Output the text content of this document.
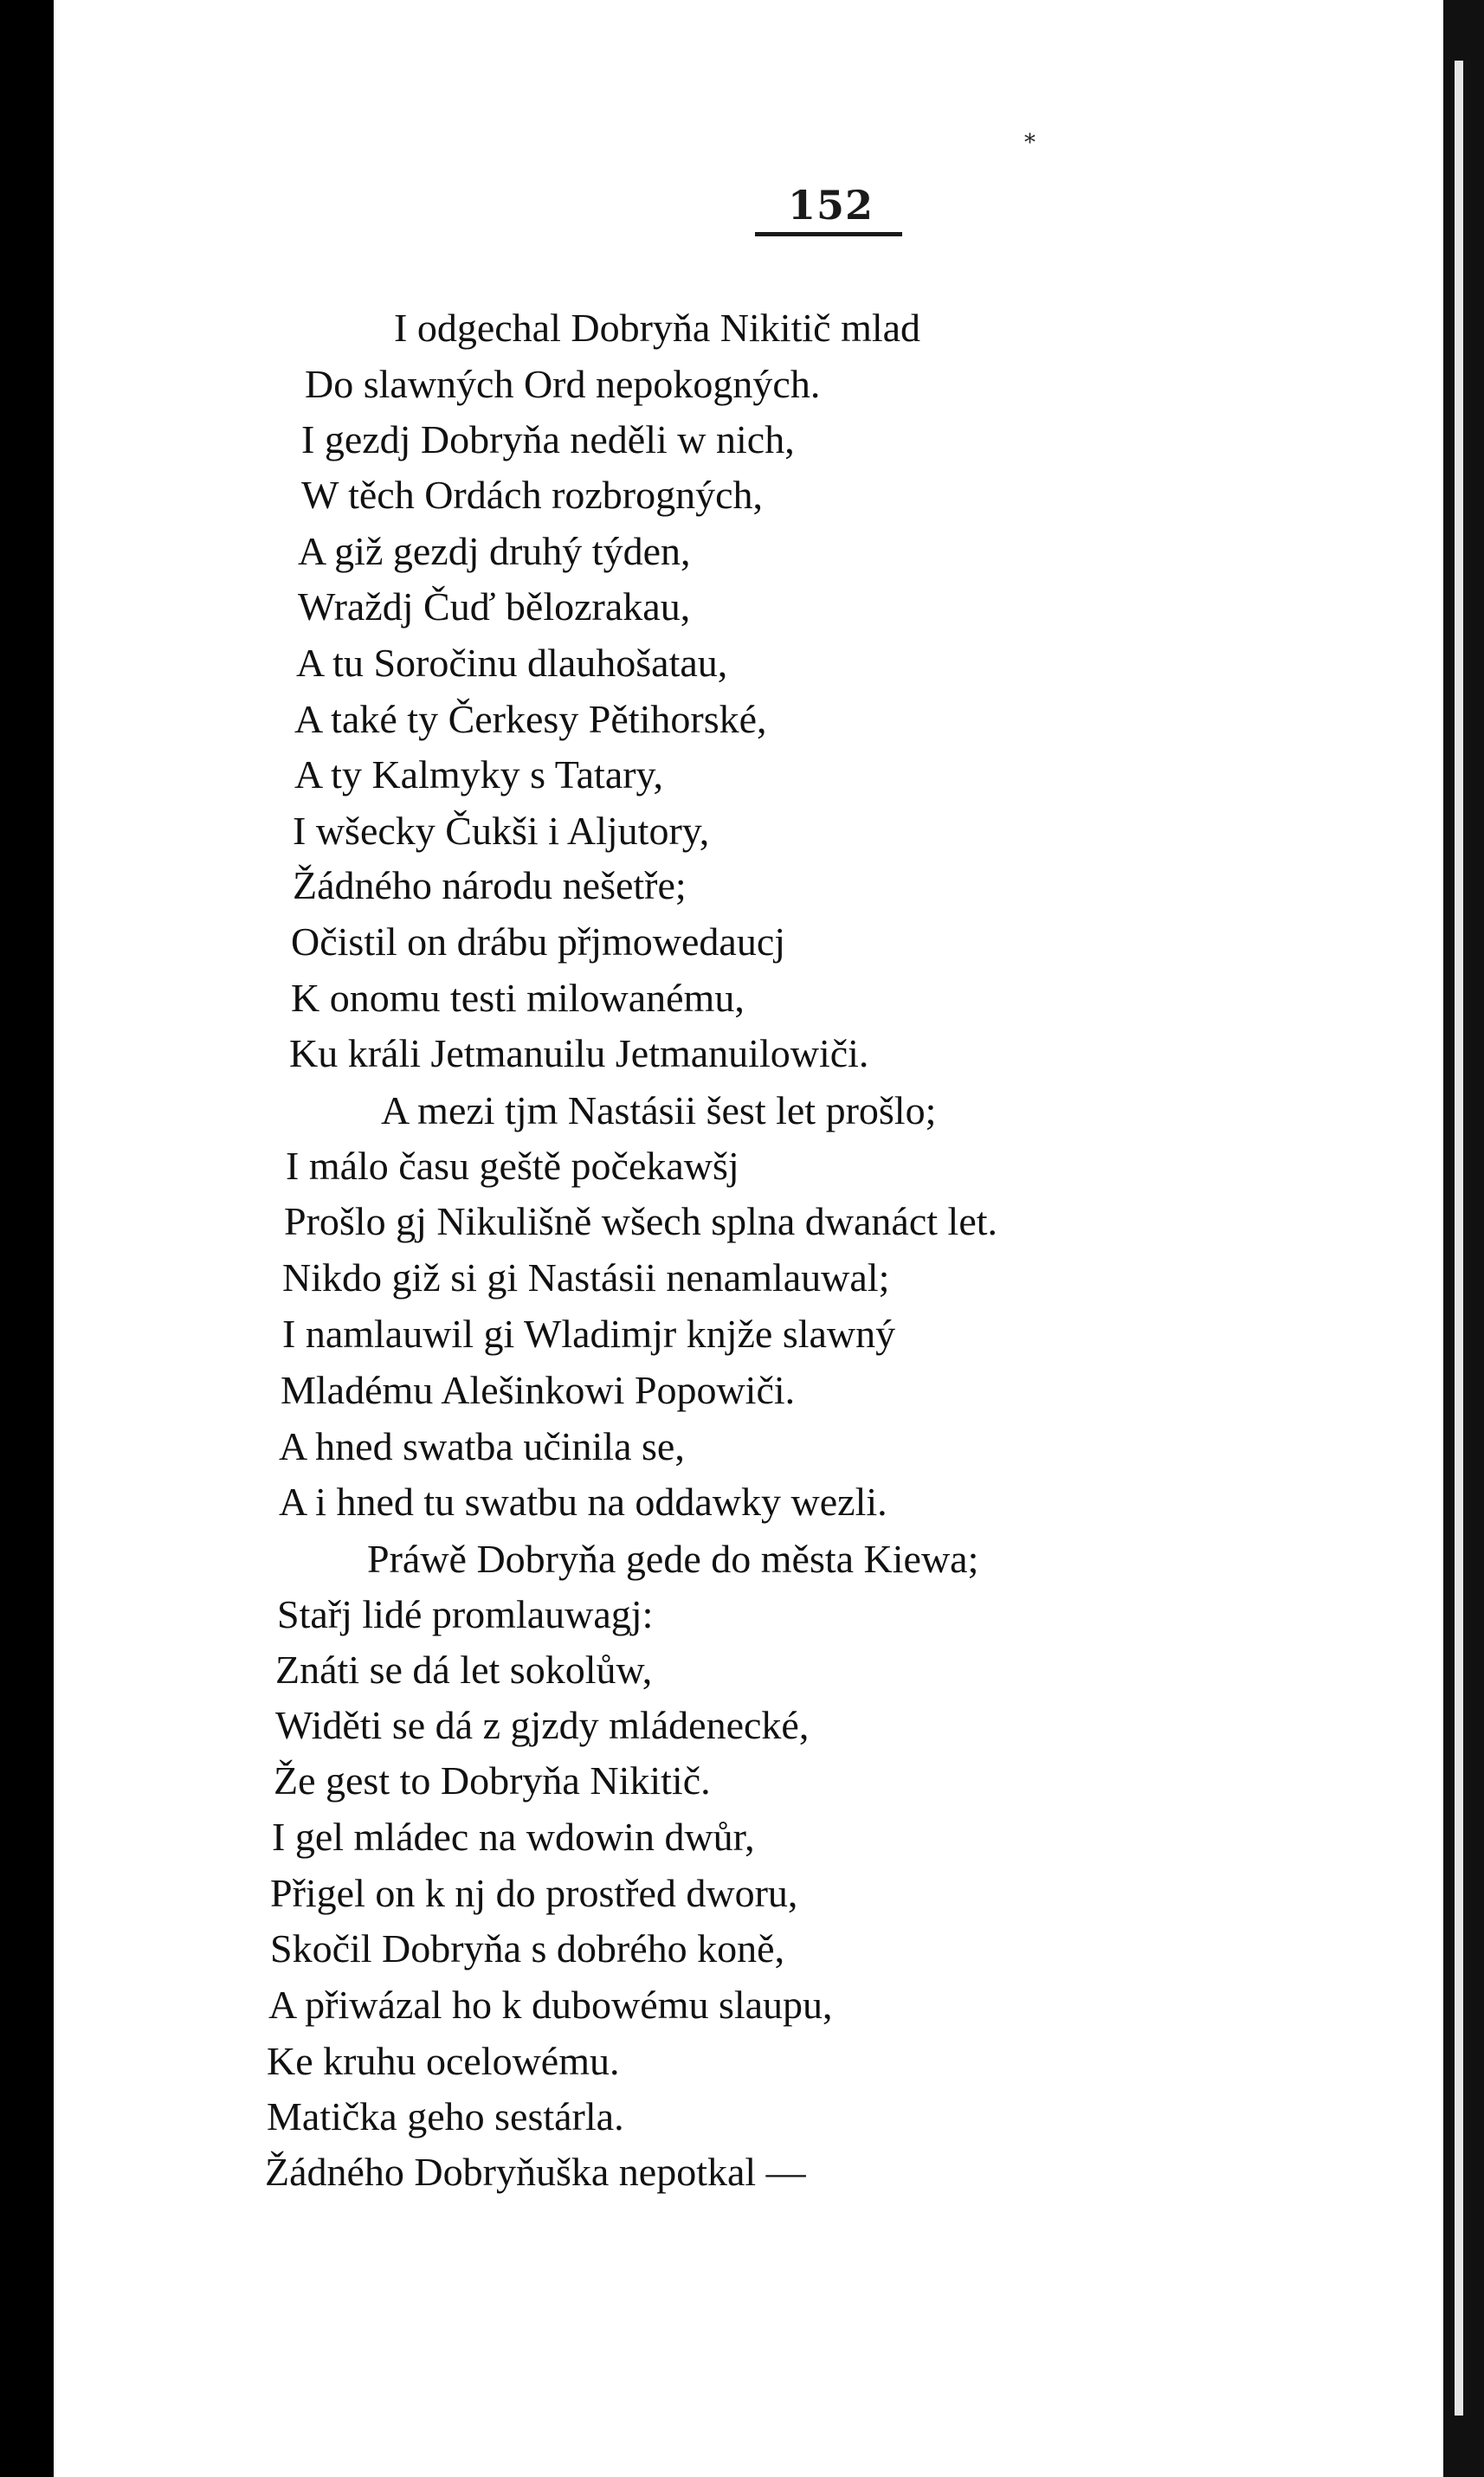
*
152
I odgechal Dobryňa Nikitič mlad
Do slawných Ord nepokogných.
I gezdj Dobryňa neděli w nich,
W těch Ordách rozbrogných,
A giž gezdj druhý týden,
Wraždj Čuď bělozrakau,
A tu Soročinu dlauhošatau,
A také ty Čerkesy Pětihorské,
A ty Kalmyky s Tatary,
I wšecky Čukši i Aljutory,
Žádného národu nešetře;
Očistil on drábu přjmowedaucj
K onomu testi milowanému,
Ku králi Jetmanuilu Jetmanuilowiči.
A mezi tjm Nastásii šest let prošlo;
I málo času geště počekawšj
Prošlo gj Nikulišně wšech splna dwanáct let.
Nikdo giž si gi Nastásii nenamlauwal;
I namlauwil gi Wladimjr knjže slawný
Mladému Alešinkowi Popowiči.
A hned swatba učinila se,
A i hned tu swatbu na oddawky wezli.
Práwě Dobryňa gede do města Kiewa;
Stařj lidé promlauwagj:
Znáti se dá let sokolůw,
Widěti se dá z gjzdy mládenecké,
Že gest to Dobryňa Nikitič.
I gel mládec na wdowin dwůr,
Přigel on k nj do prostřed dworu,
Skočil Dobryňa s dobrého koně,
A přiwázal ho k dubowému slaupu,
Ke kruhu ocelowému.
Matička geho sestárla.
Žádného Dobryňuška nepotkal —
